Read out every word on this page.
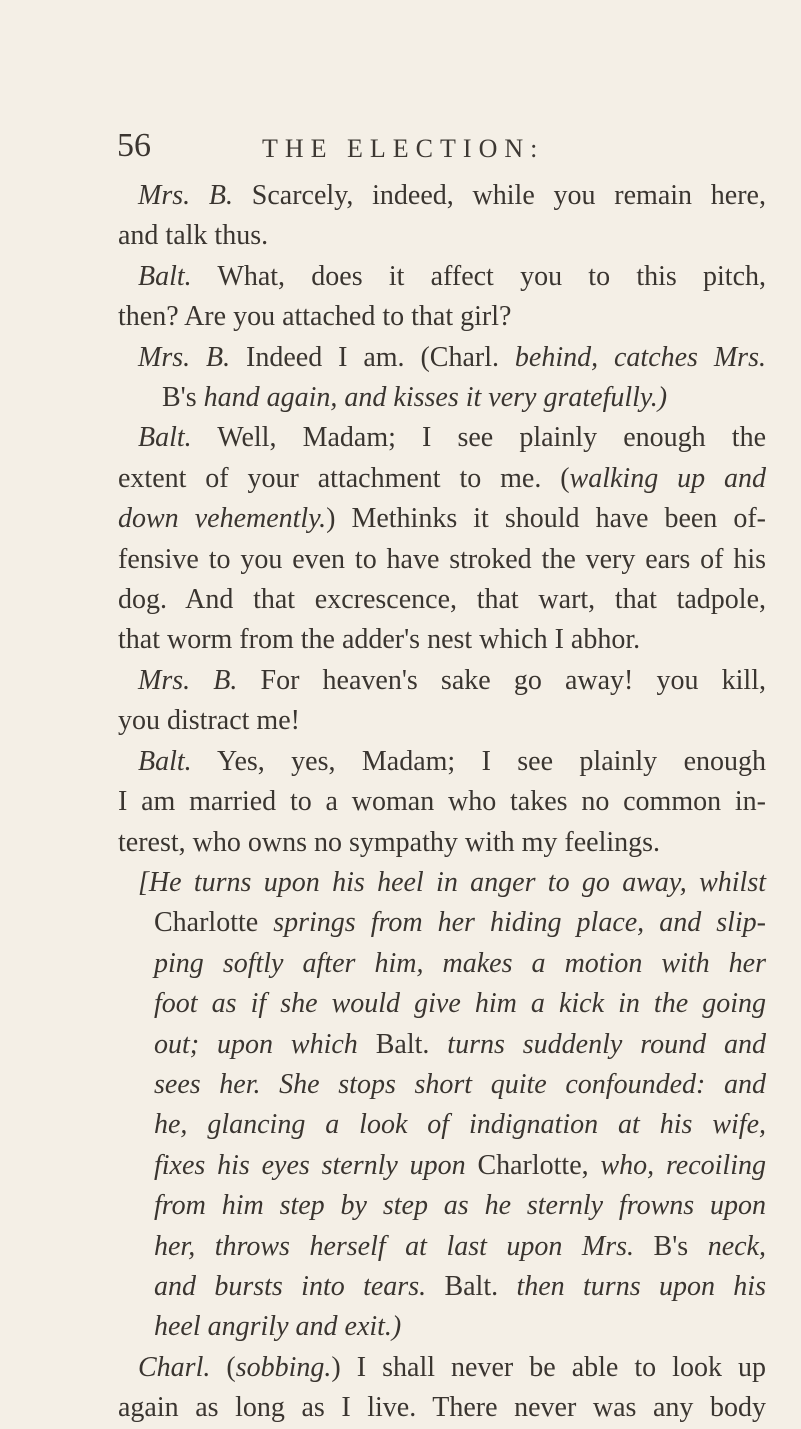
56	THE ELECTION:

Mrs. B. Scarcely, indeed, while you remain here,

and talk thus.

Balt. What, does it affect you to this pitch,

then? Are you attached to that girl?

Mrs. B. Indeed I am. (Charl. behind, catches Mrs.

B's hand again, and kisses it very gratefully.)

Balt. Well, Madam; I see plainly enough the

extent of your attachment to me. (walking up and

down vehemently.) Methinks it should have been of-

fensive to you even to have stroked the very ears of his

dog. And that excrescence, that wart, that tadpole,

that worm from the adder's nest which I abhor.

Mrs. B. For heaven's sake go away! you kill,

you distract me!

Balt. Yes, yes, Madam; I see plainly enough

I am married to a woman who takes no common in-

terest, who owns no sympathy with my feelings.

[He turns upon his heel in anger to go away, whilst

Charlotte springs from her hiding place, and slip-

ping softly after him, makes a motion with her

foot as if she would give him a kick in the going

out; upon which Balt. turns suddenly round and

sees her. She stops short quite confounded: and

he, glancing a look of indignation at his wife,

fixes his eyes sternly upon Charlotte, who, recoiling

from him step by step as he sternly frowns upon

her, throws herself at last upon Mrs. B's neck,

and bursts into tears. Balt. then turns upon his

heel angrily and exit.)

Charl. (sobbing.) I shall never be able to look up

again as long as I live. There never was any body
